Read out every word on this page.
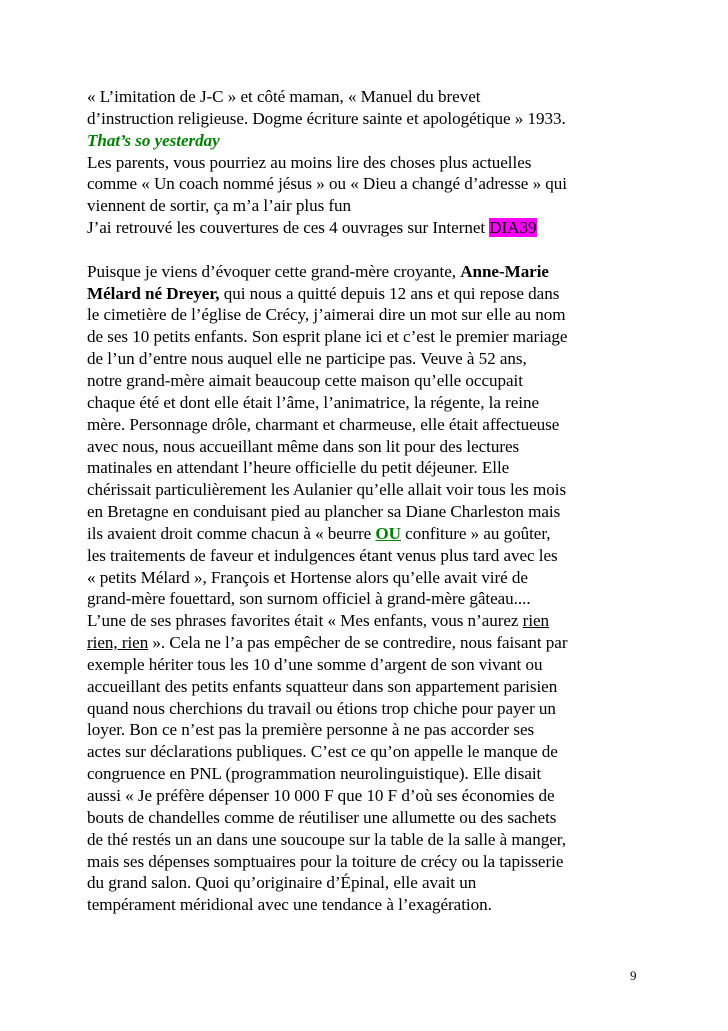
« L’imitation de J-C » et côté maman, « Manuel du brevet
d’instruction religieuse. Dogme écriture sainte et apologétique » 1933.
That’s so yesterday
Les parents, vous pourriez au moins lire des choses plus actuelles
comme « Un coach nommé jésus » ou « Dieu a changé d’adresse » qui
viennent de sortir, ça m’a l’air plus fun
J’ai retrouvé les couvertures de ces 4 ouvrages sur Internet DIA39
Puisque je viens d’évoquer cette grand-mère croyante, Anne-Marie
Mélard né Dreyer, qui nous a quitté depuis 12 ans et qui repose dans
le cimetière de l’église de Crécy, j’aimerai dire un mot sur elle au nom
de ses 10 petits enfants. Son esprit plane ici et c’est le premier mariage
de l’un d’entre nous auquel elle ne participe pas. Veuve à 52 ans,
notre grand-mère aimait beaucoup cette maison qu’elle occupait
chaque été et dont elle était l’âme, l’animatrice, la régente, la reine
mère. Personnage drôle, charmant et charmeuse, elle était affectueuse
avec nous, nous accueillant même dans son lit pour des lectures
matinales en attendant l’heure officielle du petit déjeuner. Elle
chérissait particulièrement les Aulanier qu’elle allait voir tous les mois
en Bretagne en conduisant pied au plancher sa Diane Charleston mais
ils avaient droit comme chacun à « beurre OU confiture » au goûter,
les traitements de faveur et indulgences étant venus plus tard avec les
« petits Mélard », François et Hortense alors qu’elle avait viré de
grand-mère fouettard, son surnom officiel à grand-mère gâteau....
L’une de ses phrases favorites était « Mes enfants, vous n’aurez rien
rien, rien ». Cela ne l’a pas empêcher de se contredire, nous faisant par
exemple hériter tous les 10 d’une somme d’argent de son vivant ou
accueillant des petits enfants squatteur dans son appartement parisien
quand nous cherchions du travail ou étions trop chiche pour payer un
loyer. Bon ce n’est pas la première personne à ne pas accorder ses
actes sur déclarations publiques. C’est ce qu’on appelle le manque de
congruence en PNL (programmation neurolinguistique). Elle disait
aussi « Je préfère dépenser 10 000 F que 10 F d’où ses économies de
bouts de chandelles comme de réutiliser une allumette ou des sachets
de thé restés un an dans une soucoupe sur la table de la salle à manger,
mais ses dépenses somptuaires pour la toiture de crécy ou la tapisserie
du grand salon. Quoi qu’originaire d’Épinal, elle avait un
tempérament méridional avec une tendance à l’exagération.
9
